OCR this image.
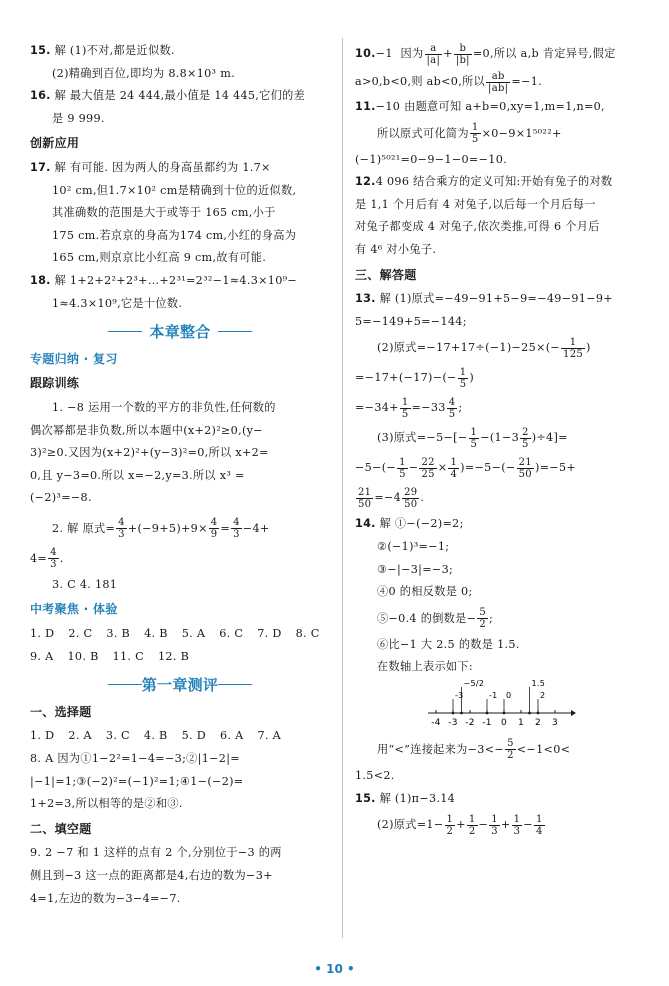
15. 解 (1)不对,都是近似数.

(2)精确到百位,即均为 8.8×10³ m.

16. 解 最大值是 24 444,最小值是 14 445,它们的差

是 9 999.

创新应用

17. 解 有可能. 因为两人的身高虽都约为 1.7×

10² cm,但1.7×10² cm是精确到十位的近似数,

其准确数的范围是大于或等于 165 cm,小于

175 cm.若京京的身高为174 cm,小红的身高为

165 cm,则京京比小红高 9 cm,故有可能.

18. 解 1+2+2²+2³+…+2³¹=2³²−1≈4.3×10⁹−

1≈4.3×10⁹,它是十位数.

本章整合
专题归纳 · 复习
跟踪训练

1. −8 运用一个数的平方的非负性,任何数的

偶次幂都是非负数,所以本题中(x+2)²≥0,(y−

3)²≥0.又因为(x+2)²+(y−3)²=0,所以 x+2=

0,且 y−3=0.所以 x=−2,y=3.所以 x³ =

(−2)³=−8.

2. 解 原式= $\frac{4}{3} +(-9+5)+9\times \frac{4}{9} = \frac{4}{3} -4+$

$4= \frac{4}{3}$ .

3. C 4. 181

中考聚焦 · 体验
1. D 2. C 3. B 4. B 5. A 6. C 7. D 8. C
9. A 10. B 11. C 12. B
第一章测评
一、选择题
1. D 2. A 3. C 4. B 5. D 6. A 7. A

8. A 因为①1−2²=1−4=−3;②|1−2|=

|−1|=1;③(−2)²=(−1)²=1;④1−(−2)=

1+2=3,所以相等的是②和③.

二、填空题

9. 2 −7 和 1 这样的点有 2 个,分别位于−3 的两

侧且到−3 这一点的距离都是4,右边的数为−3+

4=1,左边的数为−3−4=−7.

10.−1 因为 $\frac{a}{|a|} + \frac{b}{|b|} =0$,所以 a,b 肯定异号,假定

a>0,b<0,则 ab<0,所以 $\frac{ab}{|ab|} =-1$.

11.−10 由题意可知 a+b=0,xy=1,m=1,n=0,

所以原式可化简为 $\frac{1}{5} \times 0-9\times 1^{5022}+$

(−1)⁵⁰²¹=0−9−1−0=−10.

12.4 096 结合乘方的定义可知:开始有兔子的对数

是 1,1 个月后有 4 对兔子,以后每一个月后每一

对兔子都变成 4 对兔子,依次类推,可得 6 个月后

有 4⁶ 对小兔子.

三、解答题

13. 解 (1)原式=−49−91+5−9=−49−91−9+

5=−149+5=−144;

(2)原式$=-17+17\div(-1)-25\times(- \frac{1}{125}$ )

$=-17+(-17)-(- \frac{1}{5}$ )

$=-34+ \frac{1}{5} =-33 \frac{4}{5}$ ;

(3)原式$=-5-[- \frac{1}{5} -(1-3 \frac{2}{5} )\div 4]=$

$-5-(- \frac{1}{5} - \frac{22}{25} \times \frac{1}{4} )=-5-(- \frac{21}{50} )=-5+$

$\frac{21}{50} =-4 \frac{29}{50}$ .

14. 解 ①−(−2)=2;

②(−1)³=−1;

③−|−3|=−3;

④0 的相反数是 0;

⑤−0.4 的倒数是− $\frac{5}{2}$ ;

⑥比−1 大 2.5 的数是 1.5.

在数轴上表示如下:

-4 -3 -2 -1 0 1 2 3
−5/2
-3	-1 0
1.5
2

用“<”连接起来为$-3<- \frac{5}{2} <-1<0<$

1.5<2.

15. 解 (1)π−3.14

(2)原式$=1- \frac{1}{2} + \frac{1}{2} - \frac{1}{3} + \frac{1}{3} - \frac{1}{4}$

• 10 •
